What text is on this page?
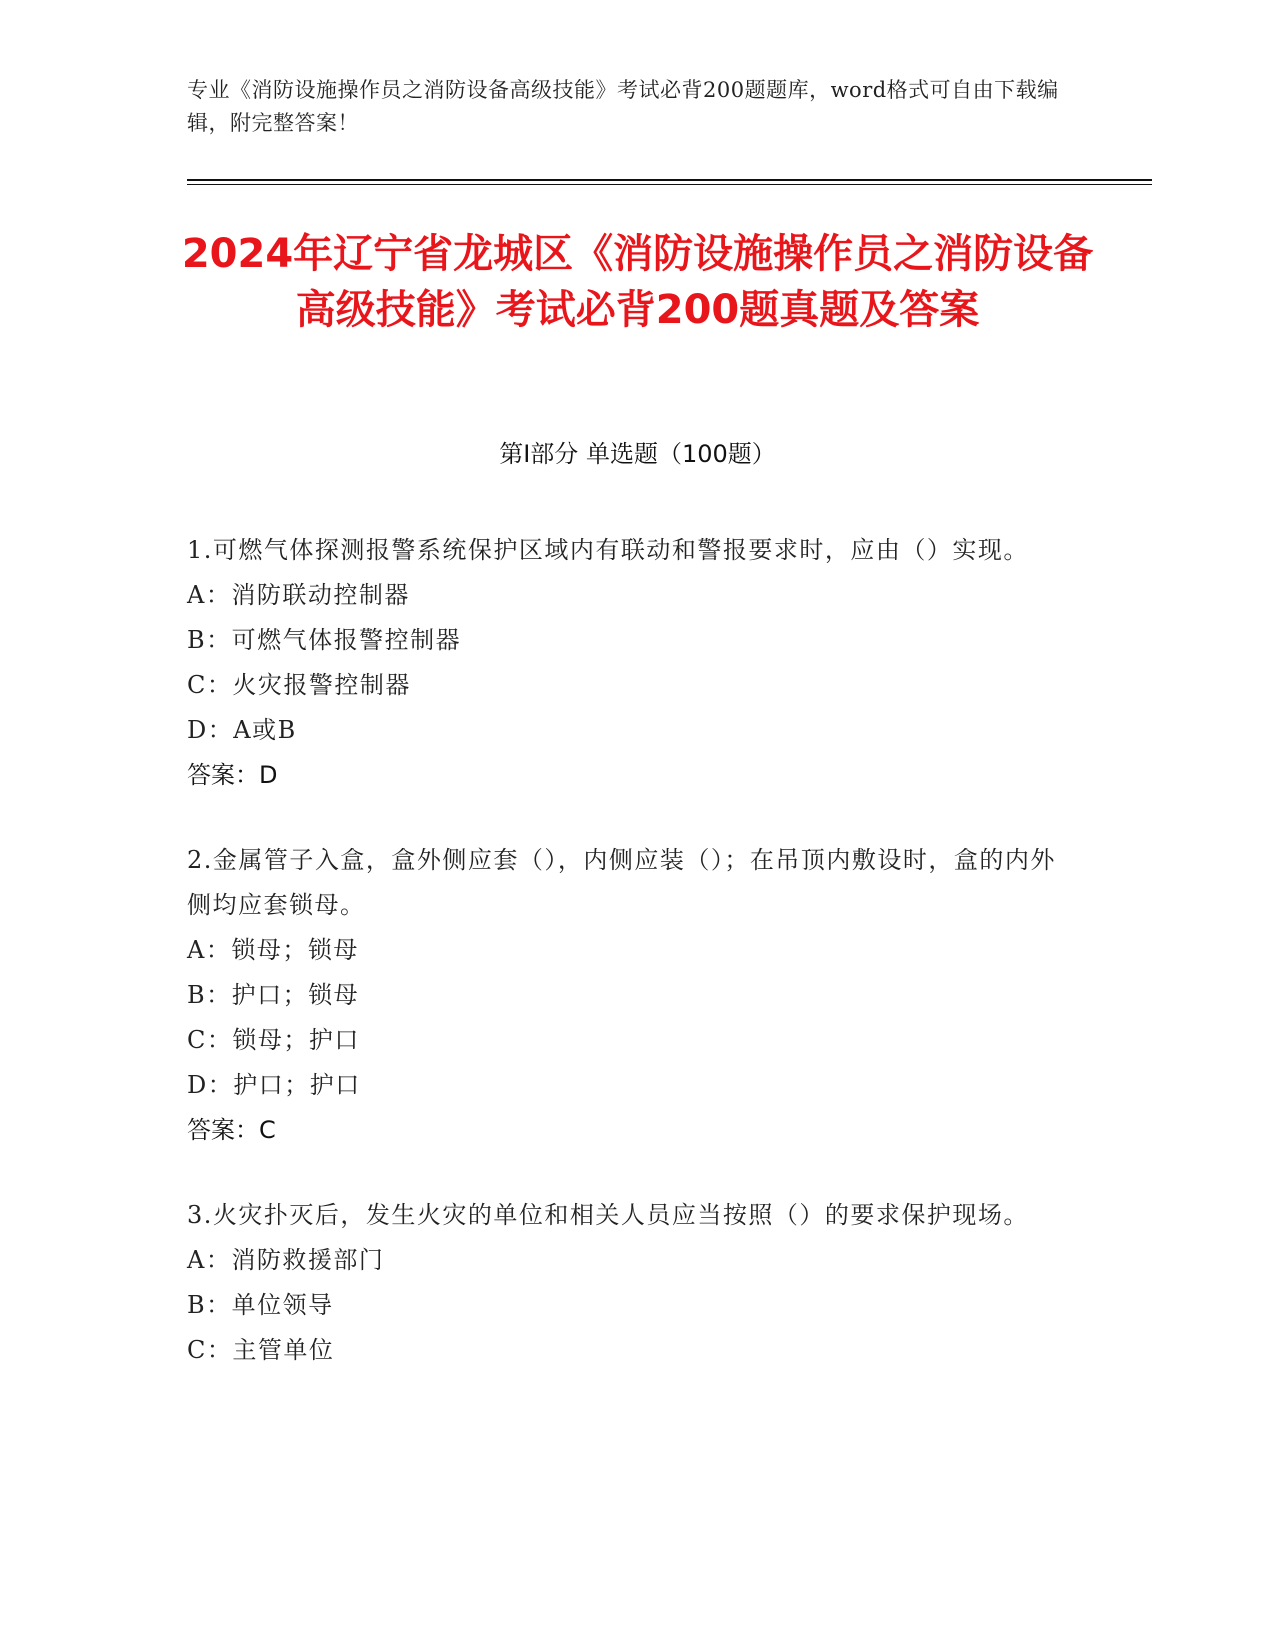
专业《消防设施操作员之消防设备高级技能》考试必背200题题库，word格式可自由下载编辑，附完整答案！
2024年辽宁省龙城区《消防设施操作员之消防设备高级技能》考试必背200题真题及答案
第Ⅰ部分 单选题（100题）
1.可燃气体探测报警系统保护区域内有联动和警报要求时，应由（）实现。
A：消防联动控制器
B：可燃气体报警控制器
C：火灾报警控制器
D：A或B
答案：D
2.金属管子入盒，盒外侧应套（），内侧应装（）；在吊顶内敷设时，盒的内外侧均应套锁母。
A：锁母；锁母
B：护口；锁母
C：锁母；护口
D：护口；护口
答案：C
3.火灾扑灭后，发生火灾的单位和相关人员应当按照（）的要求保护现场。
A：消防救援部门
B：单位领导
C：主管单位
